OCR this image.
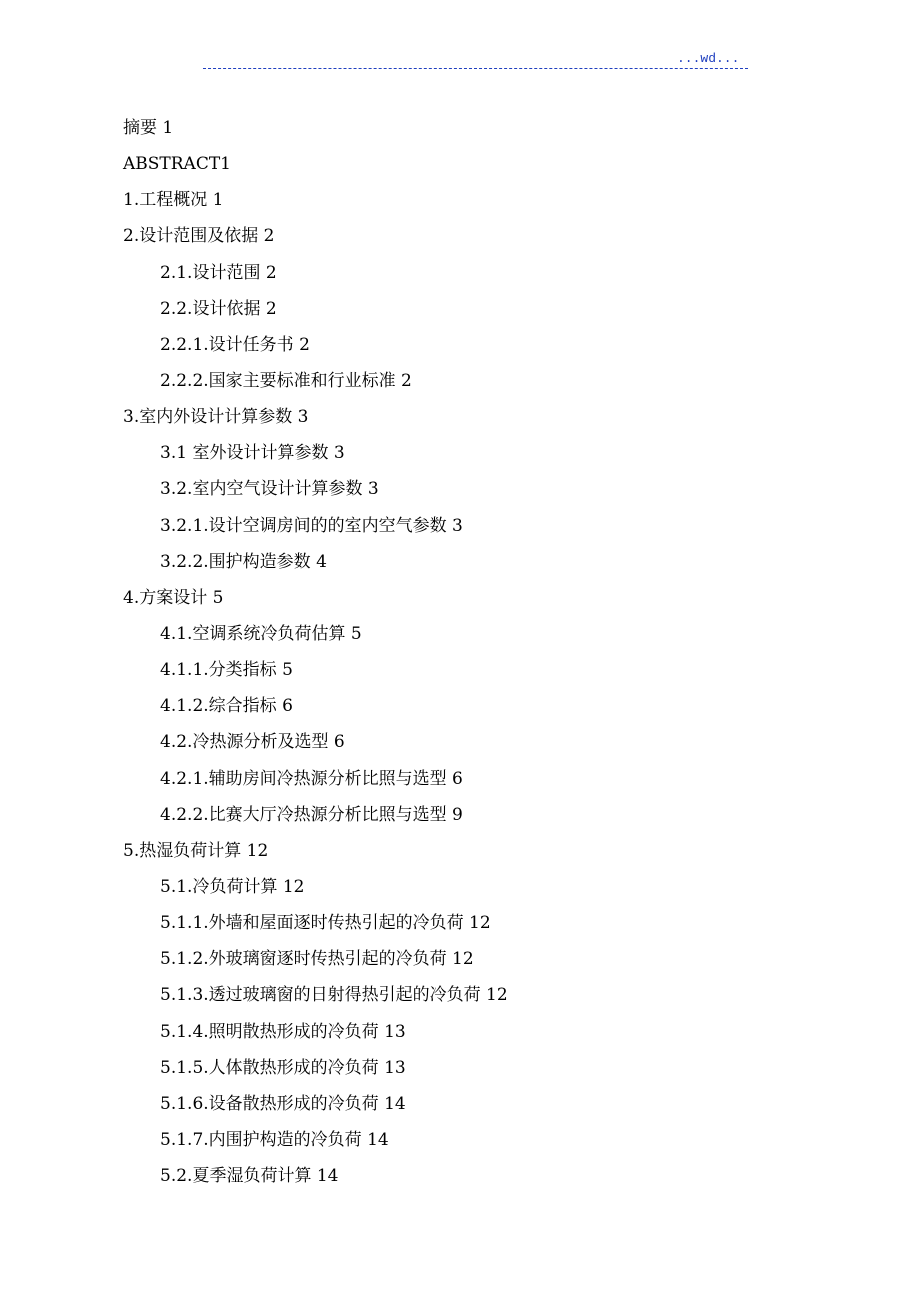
...wd...
摘要 1
ABSTRACT1
1.工程概况 1
2.设计范围及依据 2
2.1.设计范围 2
2.2.设计依据 2
2.2.1.设计任务书 2
2.2.2.国家主要标准和行业标准 2
3.室内外设计计算参数 3
3.1 室外设计计算参数 3
3.2.室内空气设计计算参数 3
3.2.1.设计空调房间的的室内空气参数 3
3.2.2.围护构造参数 4
4.方案设计 5
4.1.空调系统冷负荷估算 5
4.1.1.分类指标 5
4.1.2.综合指标 6
4.2.冷热源分析及选型 6
4.2.1.辅助房间冷热源分析比照与选型 6
4.2.2.比赛大厅冷热源分析比照与选型 9
5.热湿负荷计算 12
5.1.冷负荷计算 12
5.1.1.外墙和屋面逐时传热引起的冷负荷 12
5.1.2.外玻璃窗逐时传热引起的冷负荷 12
5.1.3.透过玻璃窗的日射得热引起的冷负荷 12
5.1.4.照明散热形成的冷负荷 13
5.1.5.人体散热形成的冷负荷 13
5.1.6.设备散热形成的冷负荷 14
5.1.7.内围护构造的冷负荷 14
5.2.夏季湿负荷计算 14
